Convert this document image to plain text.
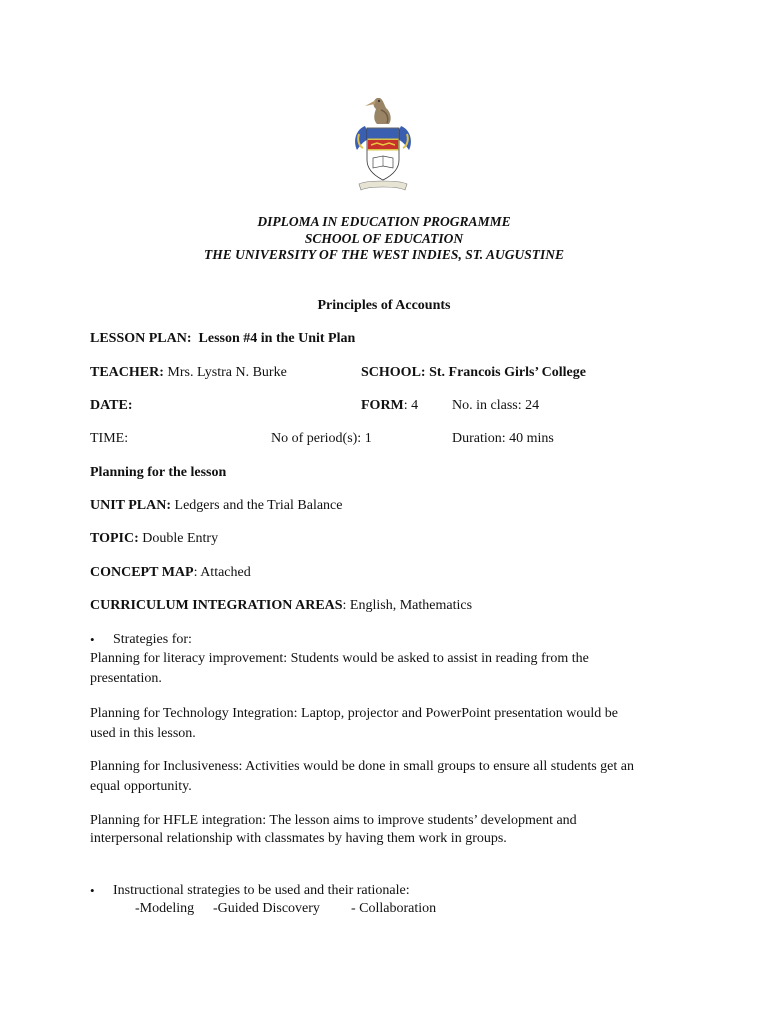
DIPLOMA IN EDUCATION PROGRAMME
SCHOOL OF EDUCATION
THE UNIVERSITY OF THE WEST INDIES, ST. AUGUSTINE
Principles of Accounts
LESSON PLAN: Lesson #4 in the Unit Plan
TEACHER: Mrs. Lystra N. Burke	SCHOOL: St. Francois Girls’ College
DATE:	FORM: 4 No. in class: 24
TIME:	No of period(s): 1	Duration: 40 mins
Planning for the lesson
UNIT PLAN: Ledgers and the Trial Balance
TOPIC: Double Entry
CONCEPT MAP: Attached
CURRICULUM INTEGRATION AREAS: English, Mathematics
• Strategies for:
Planning for literacy improvement: Students would be asked to assist in reading from the
presentation.
Planning for Technology Integration: Laptop, projector and PowerPoint presentation would be
used in this lesson.
Planning for Inclusiveness: Activities would be done in small groups to ensure all students get an
equal opportunity.
Planning for HFLE integration: The lesson aims to improve students’ development and
interpersonal relationship with classmates by having them work in groups.
• Instructional strategies to be used and their rationale:
-Modeling -Guided Discovery - Collaboration
